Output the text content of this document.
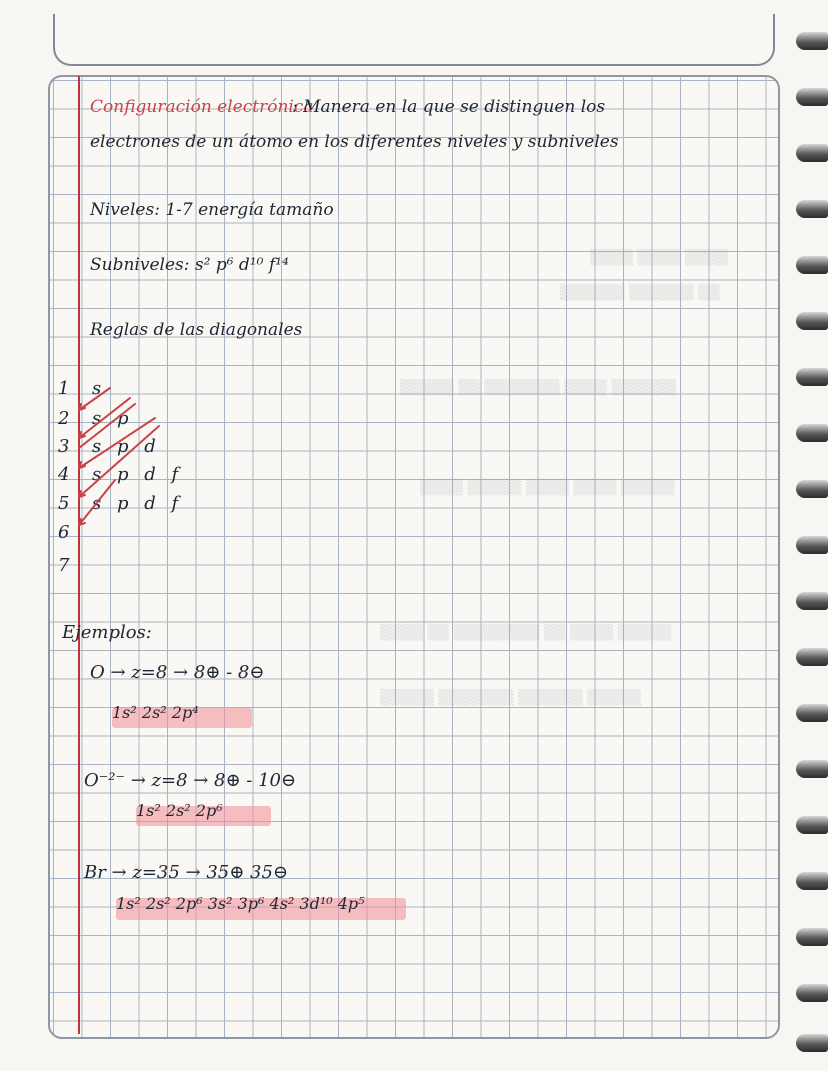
▒▒▒▒ ▒▒▒▒ ▒▒▒▒
▒▒▒▒▒▒ ▒▒▒▒▒▒ ▒▒
▒▒▒▒▒ ▒▒ ▒▒▒▒▒▒▒ ▒▒▒▒ ▒▒▒▒▒▒
▒▒▒▒ ▒▒▒▒▒ ▒▒▒▒ ▒▒▒▒ ▒▒▒▒▒
▒▒▒▒ ▒▒ ▒▒▒▒▒▒▒▒ ▒▒ ▒▒▒▒ ▒▒▒▒▒
▒▒▒▒▒ ▒▒▒▒▒▒▒ ▒▒▒▒▒▒ ▒▒▒▒▒
Configuración electrónica
: Manera en la que se distinguen los
electrones de un átomo en los diferentes niveles y subniveles
Niveles: 1-7 energía tamaño
Subniveles: s² p⁶ d¹⁰ f¹⁴
Reglas de las diagonales
1
2
3
4
5
6
7
s
s p
s p d
s p d f
s p d f
Ejemplos:
O → z=8 → 8⊕ - 8⊖
1s² 2s² 2p⁴
O⁻²⁻ → z=8 → 8⊕ - 10⊖
1s² 2s² 2p⁶
Br → z=35 → 35⊕ 35⊖
1s² 2s² 2p⁶ 3s² 3p⁶ 4s² 3d¹⁰ 4p⁵
